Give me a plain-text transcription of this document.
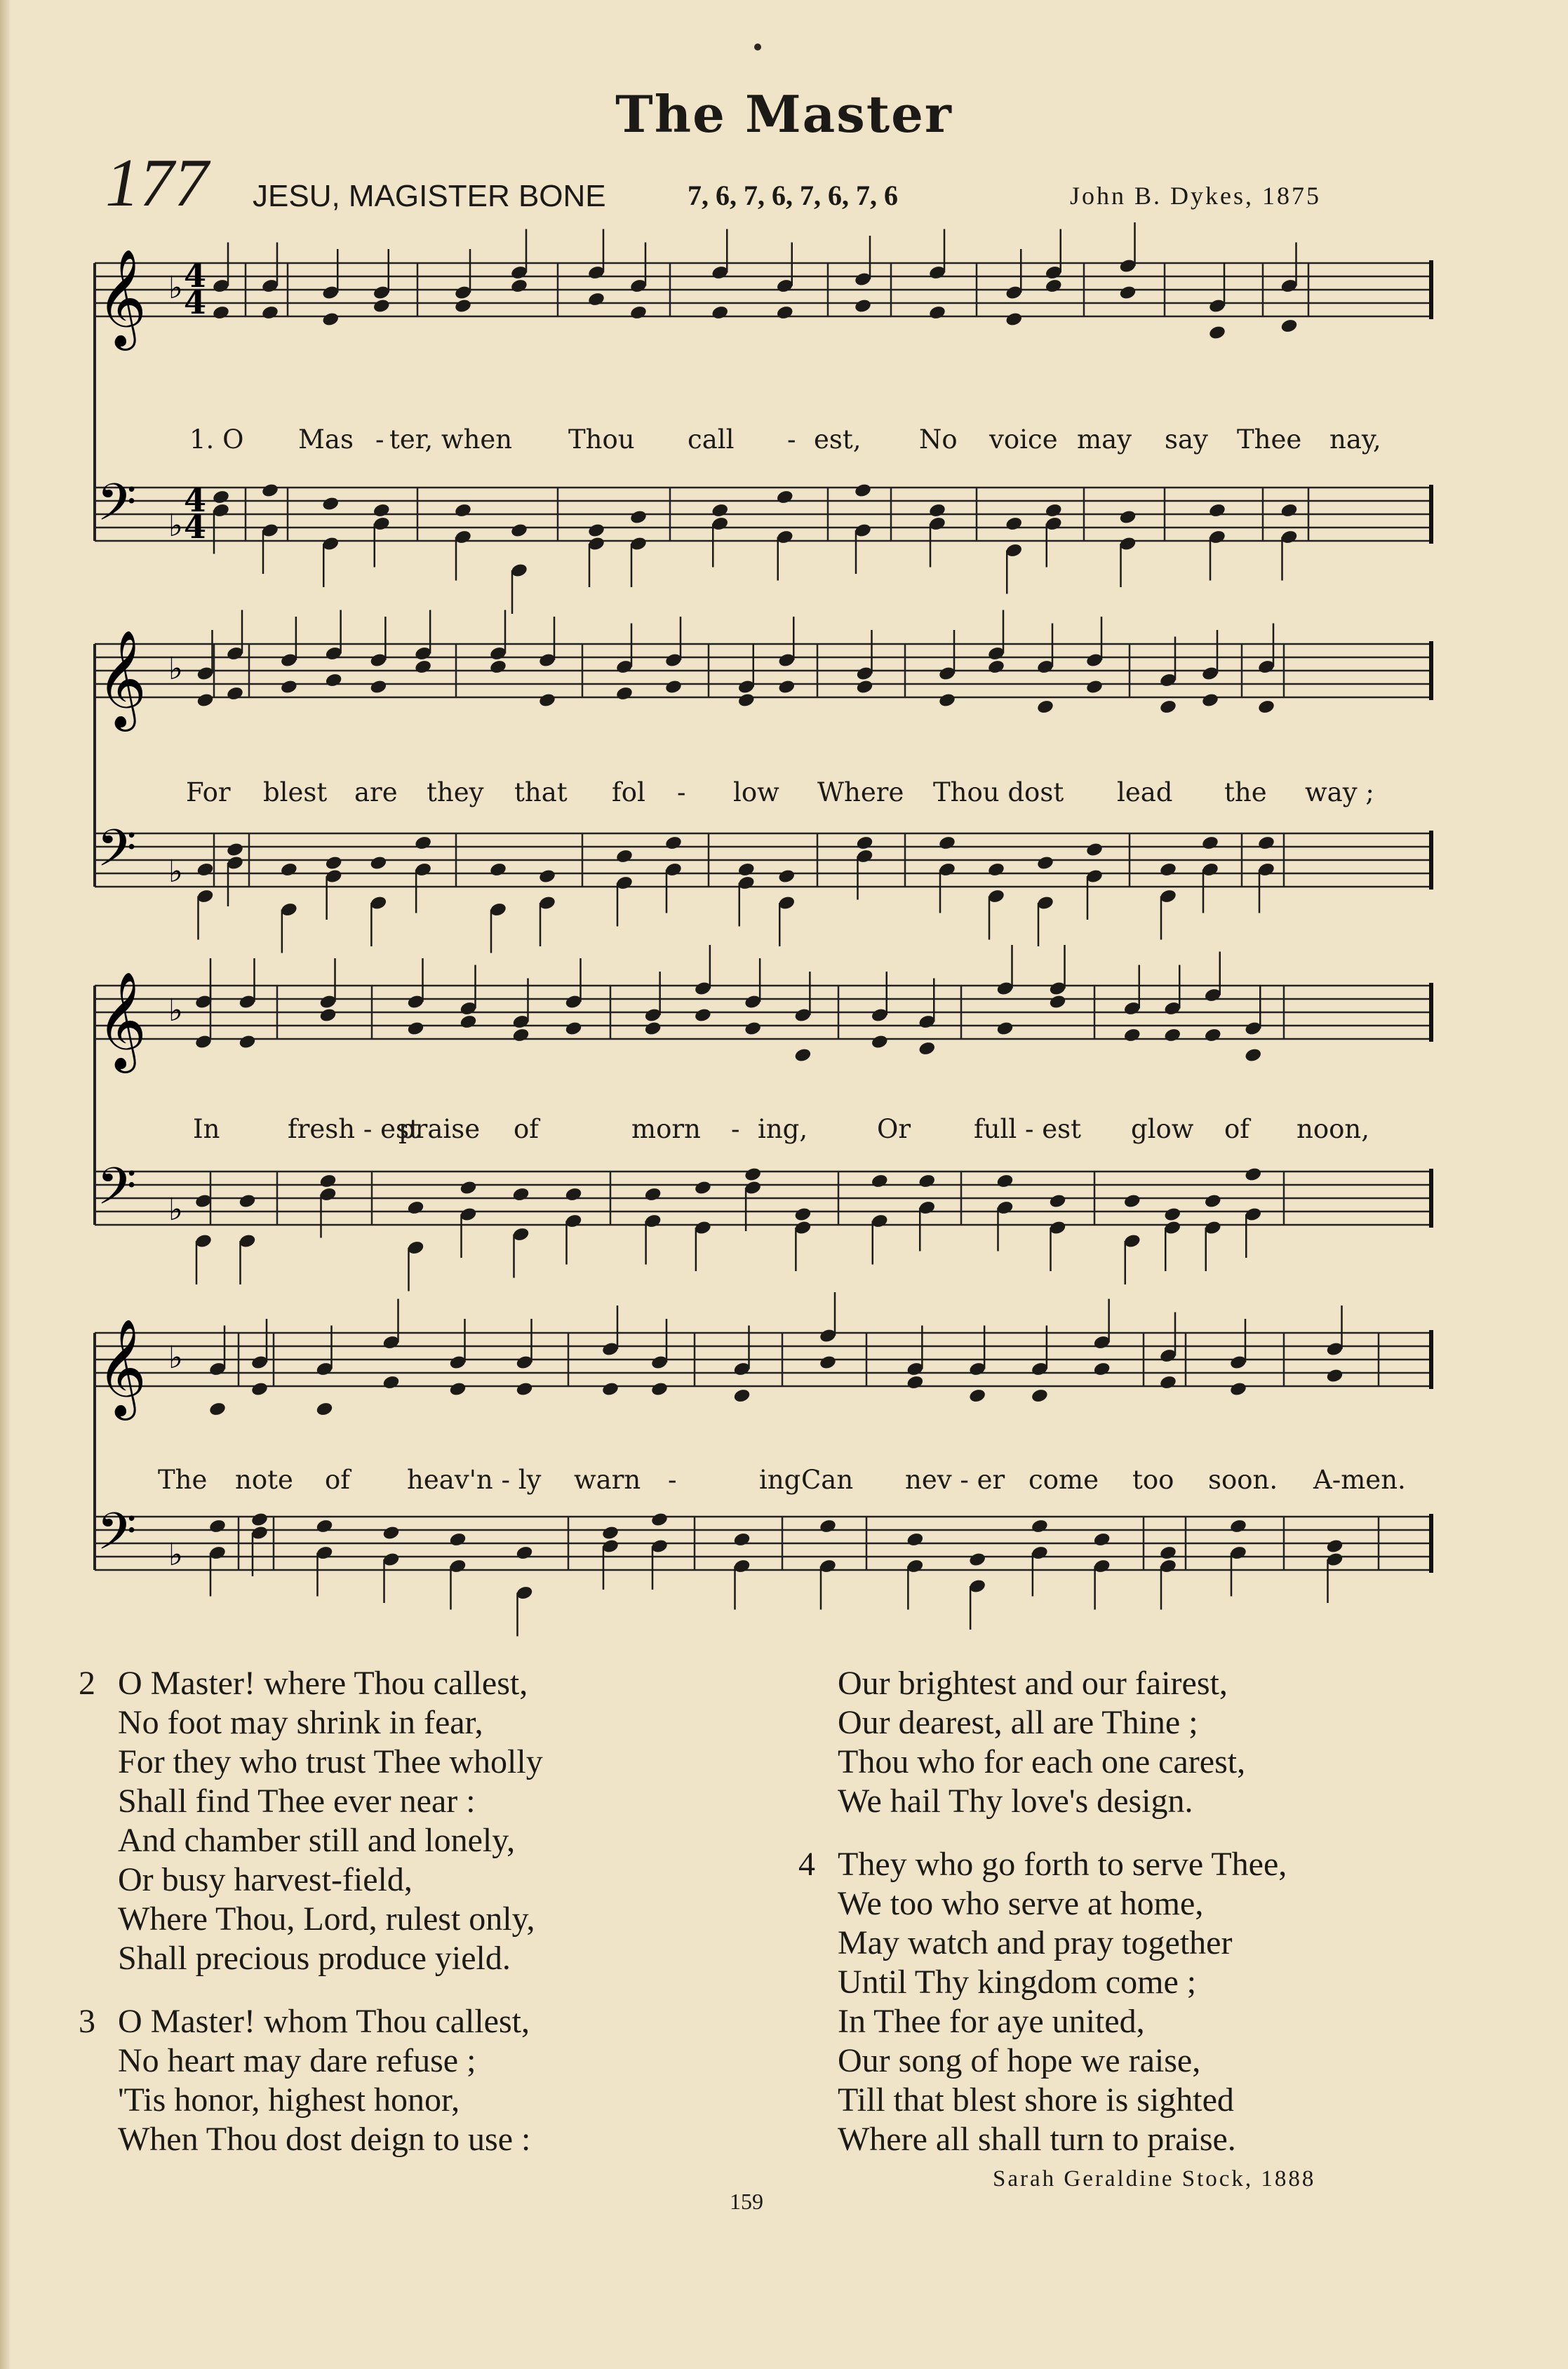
The Master
177 JESU, MAGISTER BONE	7, 6, 7, 6, 7, 6, 7, 6	John B. Dykes, 1875
𝄞
𝄢
♭
♭
𝄞
𝄢
♭
♭
𝄞
𝄢
♭
♭
𝄞
𝄢
♭
♭
4
4
4
4
1. O Mas - ter, when Thou call - est, No voice may say Thee nay,
For blest are they that fol - low Where Thou dost lead the way ;
In	fresh - est
praise of	morn - ing,	Or full - est glow of noon,
The note of heav'n - ly warn -	ing Can nev - er come too soon. A-men.
2 O Master! where Thou callest,
No foot may shrink in fear,
For they who trust Thee wholly
Shall find Thee ever near :
And chamber still and lonely,
Or busy harvest-field,
Where Thou, Lord, rulest only,
Shall precious produce yield.
3 O Master! whom Thou callest,
No heart may dare refuse ;
'Tis honor, highest honor,
When Thou dost deign to use :
Our brightest and our fairest,
Our dearest, all are Thine ;
Thou who for each one carest,
We hail Thy love's design.
4 They who go forth to serve Thee,
We too who serve at home,
May watch and pray together
Until Thy kingdom come ;
In Thee for aye united,
Our song of hope we raise,
Till that blest shore is sighted
Where all shall turn to praise.
Sarah Geraldine Stock, 1888
159
